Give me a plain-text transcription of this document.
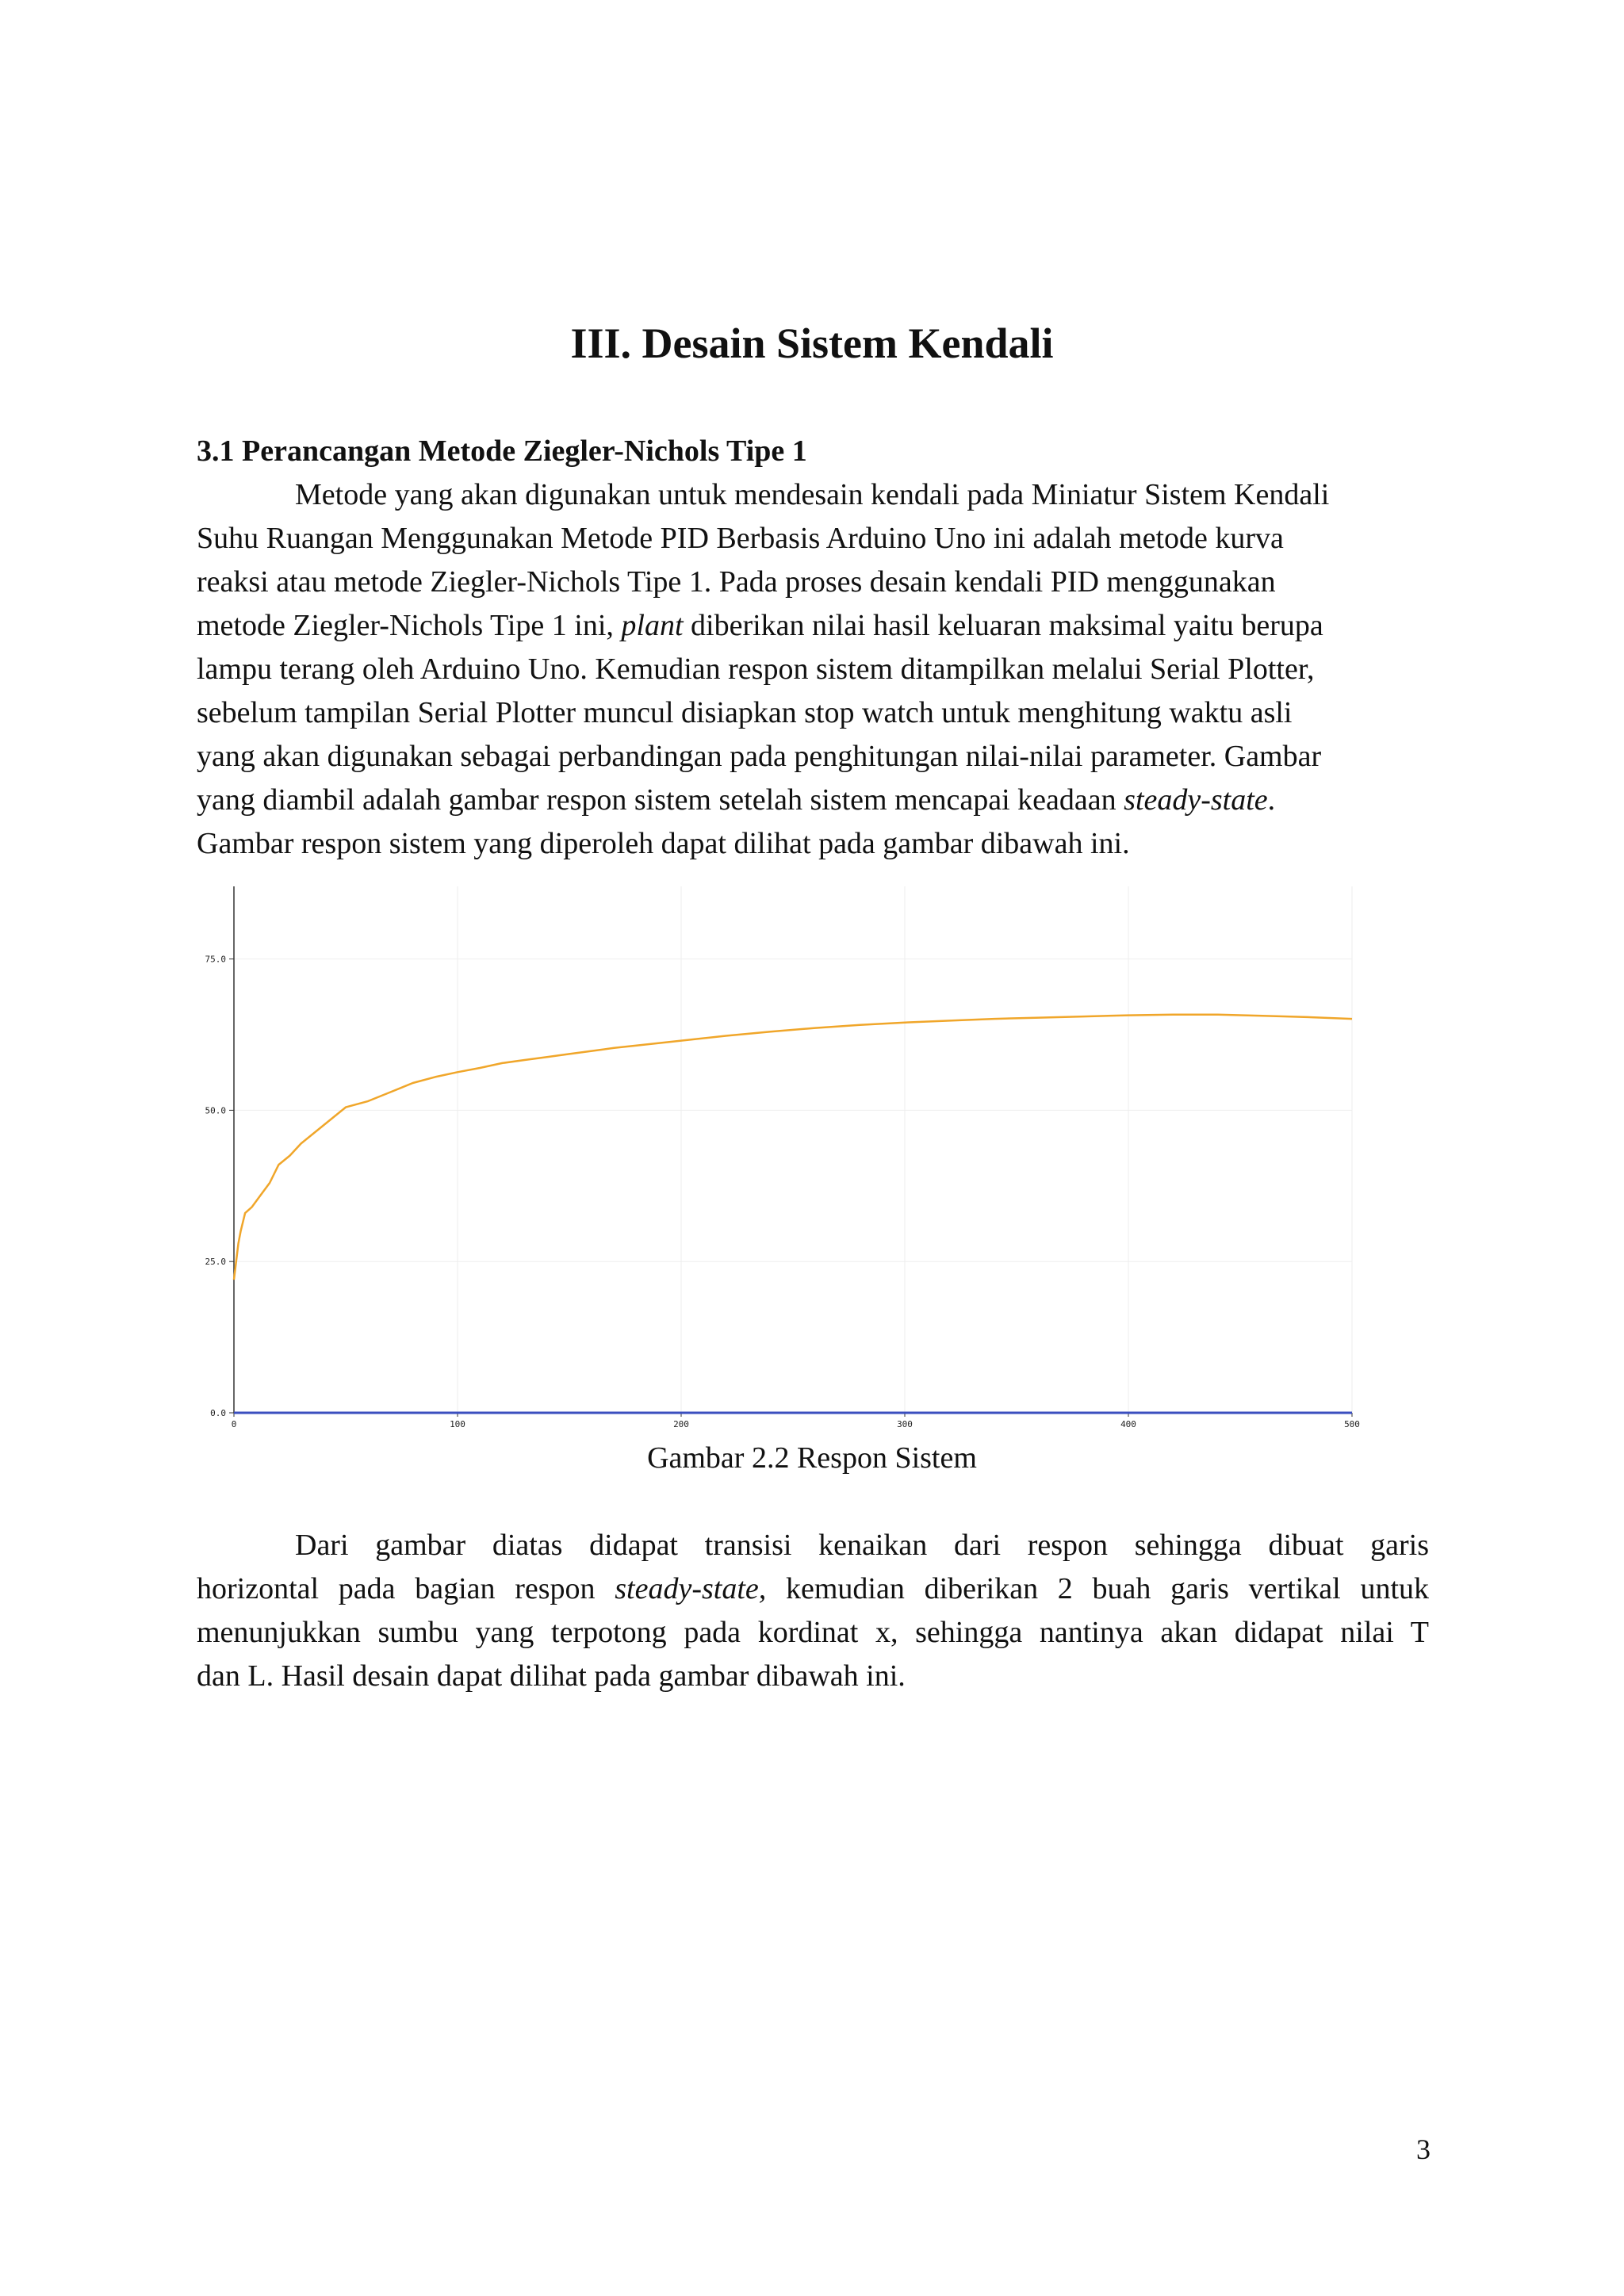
III. Desain Sistem Kendali
3.1 Perancangan Metode Ziegler-Nichols Tipe 1

Metode yang akan digunakan untuk mendesain kendali pada Miniatur Sistem Kendali
Suhu Ruangan Menggunakan Metode PID Berbasis Arduino Uno ini adalah metode kurva
reaksi atau metode Ziegler-Nichols Tipe 1. Pada proses desain kendali PID menggunakan
metode Ziegler-Nichols Tipe 1 ini, plant diberikan nilai hasil keluaran maksimal yaitu berupa
lampu terang oleh Arduino Uno. Kemudian respon sistem ditampilkan melalui Serial Plotter,
sebelum tampilan Serial Plotter muncul disiapkan stop watch untuk menghitung waktu asli
yang akan digunakan sebagai perbandingan pada penghitungan nilai-nilai parameter. Gambar
yang diambil adalah gambar respon sistem setelah sistem mencapai keadaan steady-state.
Gambar respon sistem yang diperoleh dapat dilihat pada gambar dibawah ini.

0.0
25.0
50.0
75.0
0	100	200	300	400	500
Gambar 2.2 Respon Sistem

Dari gambar diatas didapat transisi kenaikan dari respon sehingga dibuat garis
horizontal pada bagian respon steady-state, kemudian diberikan 2 buah garis vertikal untuk
menunjukkan sumbu yang terpotong pada kordinat x, sehingga nantinya akan didapat nilai T
dan L. Hasil desain dapat dilihat pada gambar dibawah ini.

3
